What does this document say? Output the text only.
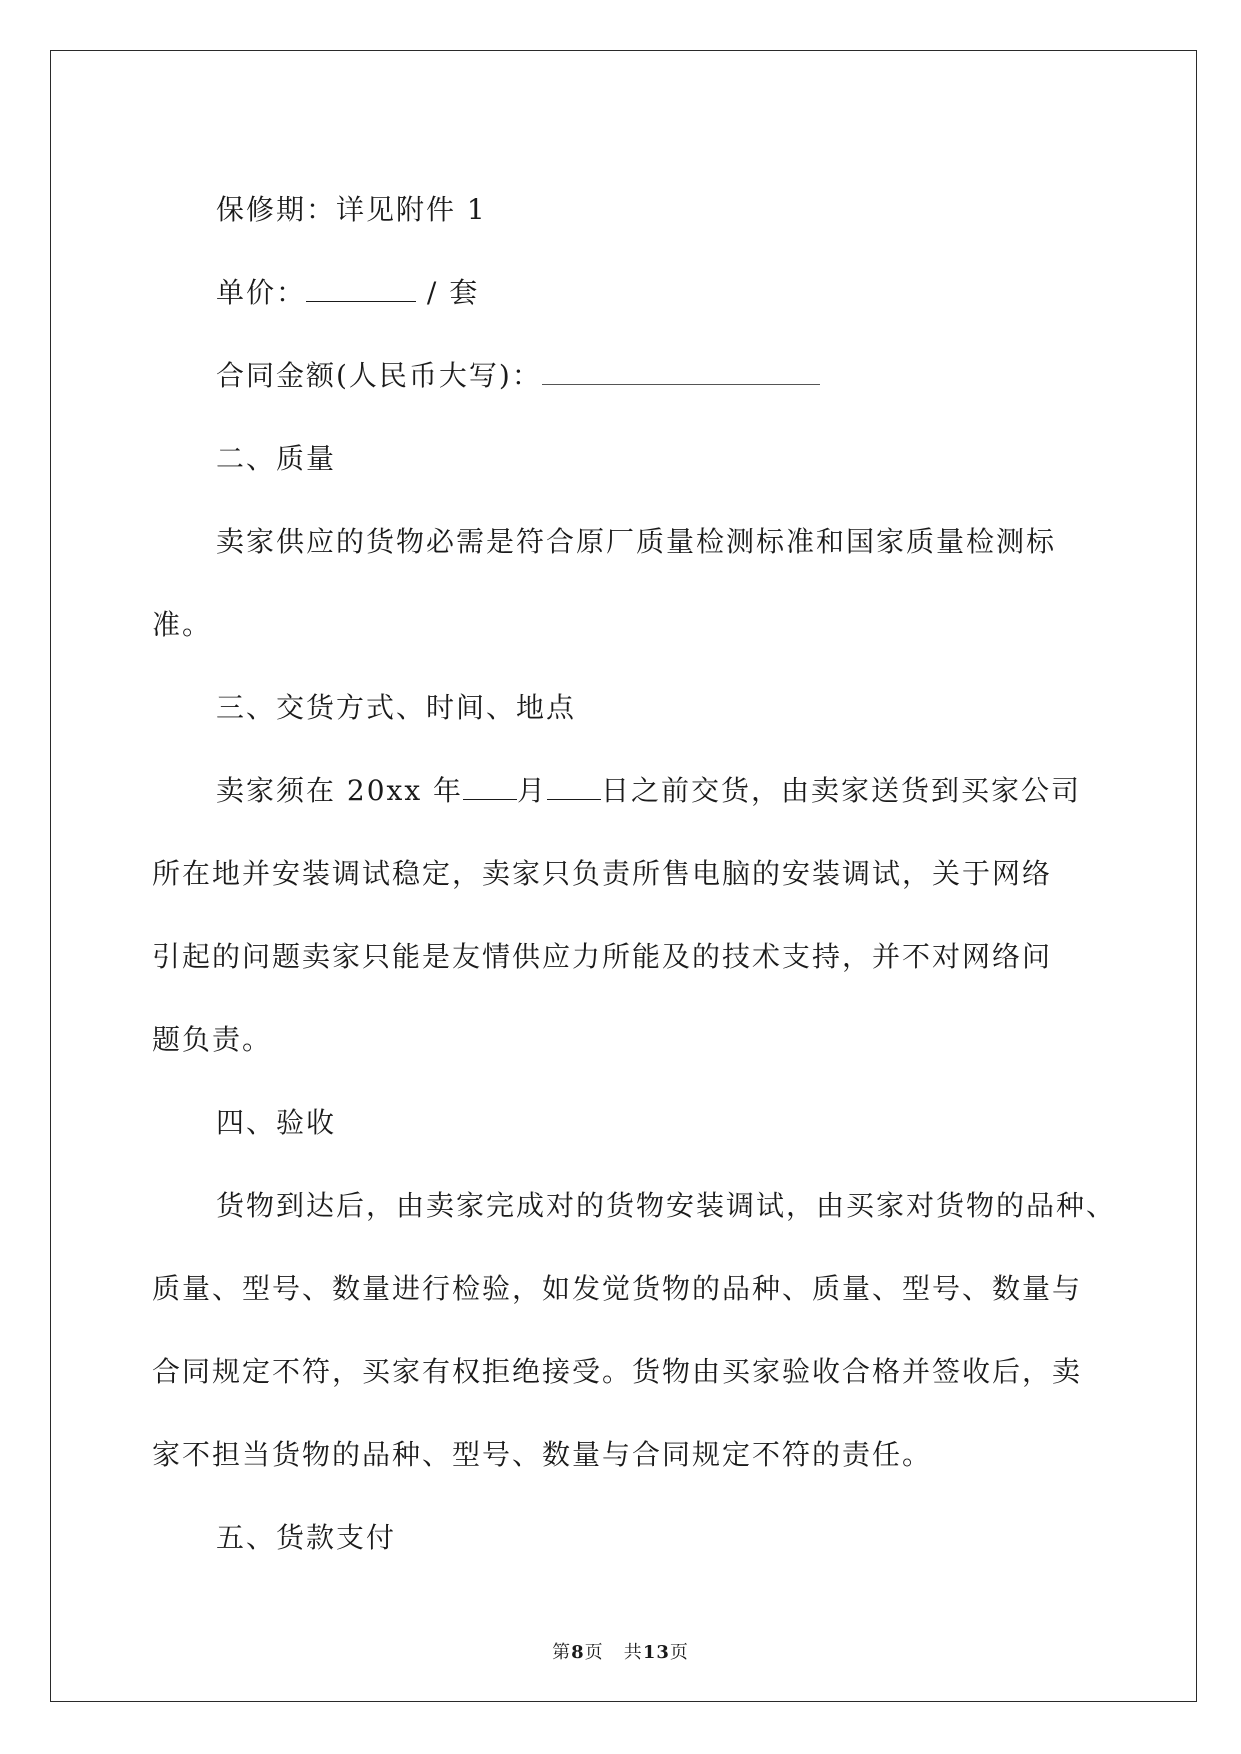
保修期：详见附件 1

单价：	/ 套

合同金额(人民币大写)：

二、质量

卖家供应的货物必需是符合原厂质量检测标准和国家质量检测标

准。

三、交货方式、时间、地点

卖家须在 20xx 年 月 日之前交货，由卖家送货到买家公司

所在地并安装调试稳定，卖家只负责所售电脑的安装调试，关于网络

引起的问题卖家只能是友情供应力所能及的技术支持，并不对网络问

题负责。

四、验收

货物到达后，由卖家完成对的货物安装调试，由买家对货物的品种、

质量、型号、数量进行检验，如发觉货物的品种、质量、型号、数量与

合同规定不符，买家有权拒绝接受。货物由买家验收合格并签收后，卖

家不担当货物的品种、型号、数量与合同规定不符的责任。

五、货款支付

第8页   共13页
